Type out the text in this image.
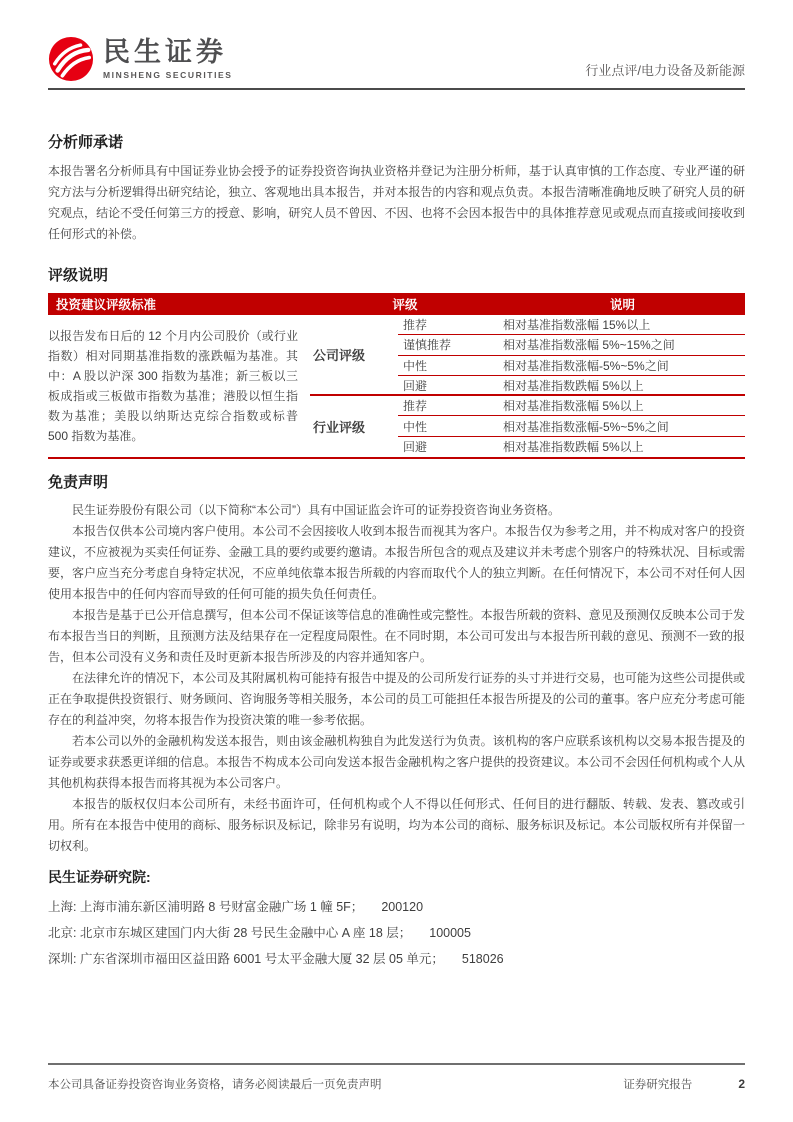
民生证券
MINSHENG SECURITIES	行业点评/电力设备及新能源
分析师承诺

本报告署名分析师具有中国证券业协会授予的证券投资咨询执业资格并登记为注册分析师，基于认真审慎的工作态度、专业严谨的研究方法与分析逻辑得出研究结论，独立、客观地出具本报告，并对本报告的内容和观点负责。本报告清晰准确地反映了研究人员的研究观点，结论不受任何第三方的授意、影响，研究人员不曾因、不因、也将不会因本报告中的具体推荐意见或观点而直接或间接收到任何形式的补偿。

评级说明
投资建议评级标准	评级	说明
以报告发布日后的 12 个月内公司股价（或行业指数）相对同期基准指数的涨跌幅为基准。其中：A 股以沪深 300 指数为基准；新三板以三板成指或三板做市指数为基准；港股以恒生指数为基准；美股以纳斯达克综合指数或标普 500 指数为基准。
公司评级
行业评级
推荐	相对基准指数涨幅 15%以上
谨慎推荐	相对基准指数涨幅 5%~15%之间
中性	相对基准指数涨幅-5%~5%之间
回避	相对基准指数跌幅 5%以上
推荐	相对基准指数涨幅 5%以上
中性	相对基准指数涨幅-5%~5%之间
回避	相对基准指数跌幅 5%以上
免责声明

民生证券股份有限公司（以下简称“本公司”）具有中国证监会许可的证券投资咨询业务资格。

本报告仅供本公司境内客户使用。本公司不会因接收人收到本报告而视其为客户。本报告仅为参考之用，并不构成对客户的投资建议，不应被视为买卖任何证券、金融工具的要约或要约邀请。本报告所包含的观点及建议并未考虑个别客户的特殊状况、目标或需要，客户应当充分考虑自身特定状况，不应单纯依靠本报告所载的内容而取代个人的独立判断。在任何情况下，本公司不对任何人因使用本报告中的任何内容而导致的任何可能的损失负任何责任。

本报告是基于已公开信息撰写，但本公司不保证该等信息的准确性或完整性。本报告所载的资料、意见及预测仅反映本公司于发布本报告当日的判断，且预测方法及结果存在一定程度局限性。在不同时期，本公司可发出与本报告所刊载的意见、预测不一致的报告，但本公司没有义务和责任及时更新本报告所涉及的内容并通知客户。

在法律允许的情况下，本公司及其附属机构可能持有报告中提及的公司所发行证券的头寸并进行交易，也可能为这些公司提供或正在争取提供投资银行、财务顾问、咨询服务等相关服务，本公司的员工可能担任本报告所提及的公司的董事。客户应充分考虑可能存在的利益冲突，勿将本报告作为投资决策的唯一参考依据。

若本公司以外的金融机构发送本报告，则由该金融机构独自为此发送行为负责。该机构的客户应联系该机构以交易本报告提及的证券或要求获悉更详细的信息。本报告不构成本公司向发送本报告金融机构之客户提供的投资建议。本公司不会因任何机构或个人从其他机构获得本报告而将其视为本公司客户。

本报告的版权仅归本公司所有，未经书面许可，任何机构或个人不得以任何形式、任何目的进行翻版、转载、发表、篡改或引用。所有在本报告中使用的商标、服务标识及标记，除非另有说明，均为本公司的商标、服务标识及标记。本公司版权所有并保留一切权利。

民生证券研究院:
上海: 上海市浦东新区浦明路 8 号财富金融广场 1 幢 5F； 200120
北京: 北京市东城区建国门内大街 28 号民生金融中心 A 座 18 层； 100005
深圳: 广东省深圳市福田区益田路 6001 号太平金融大厦 32 层 05 单元； 518026
本公司具备证券投资咨询业务资格，请务必阅读最后一页免责声明	证券研究报告	2
